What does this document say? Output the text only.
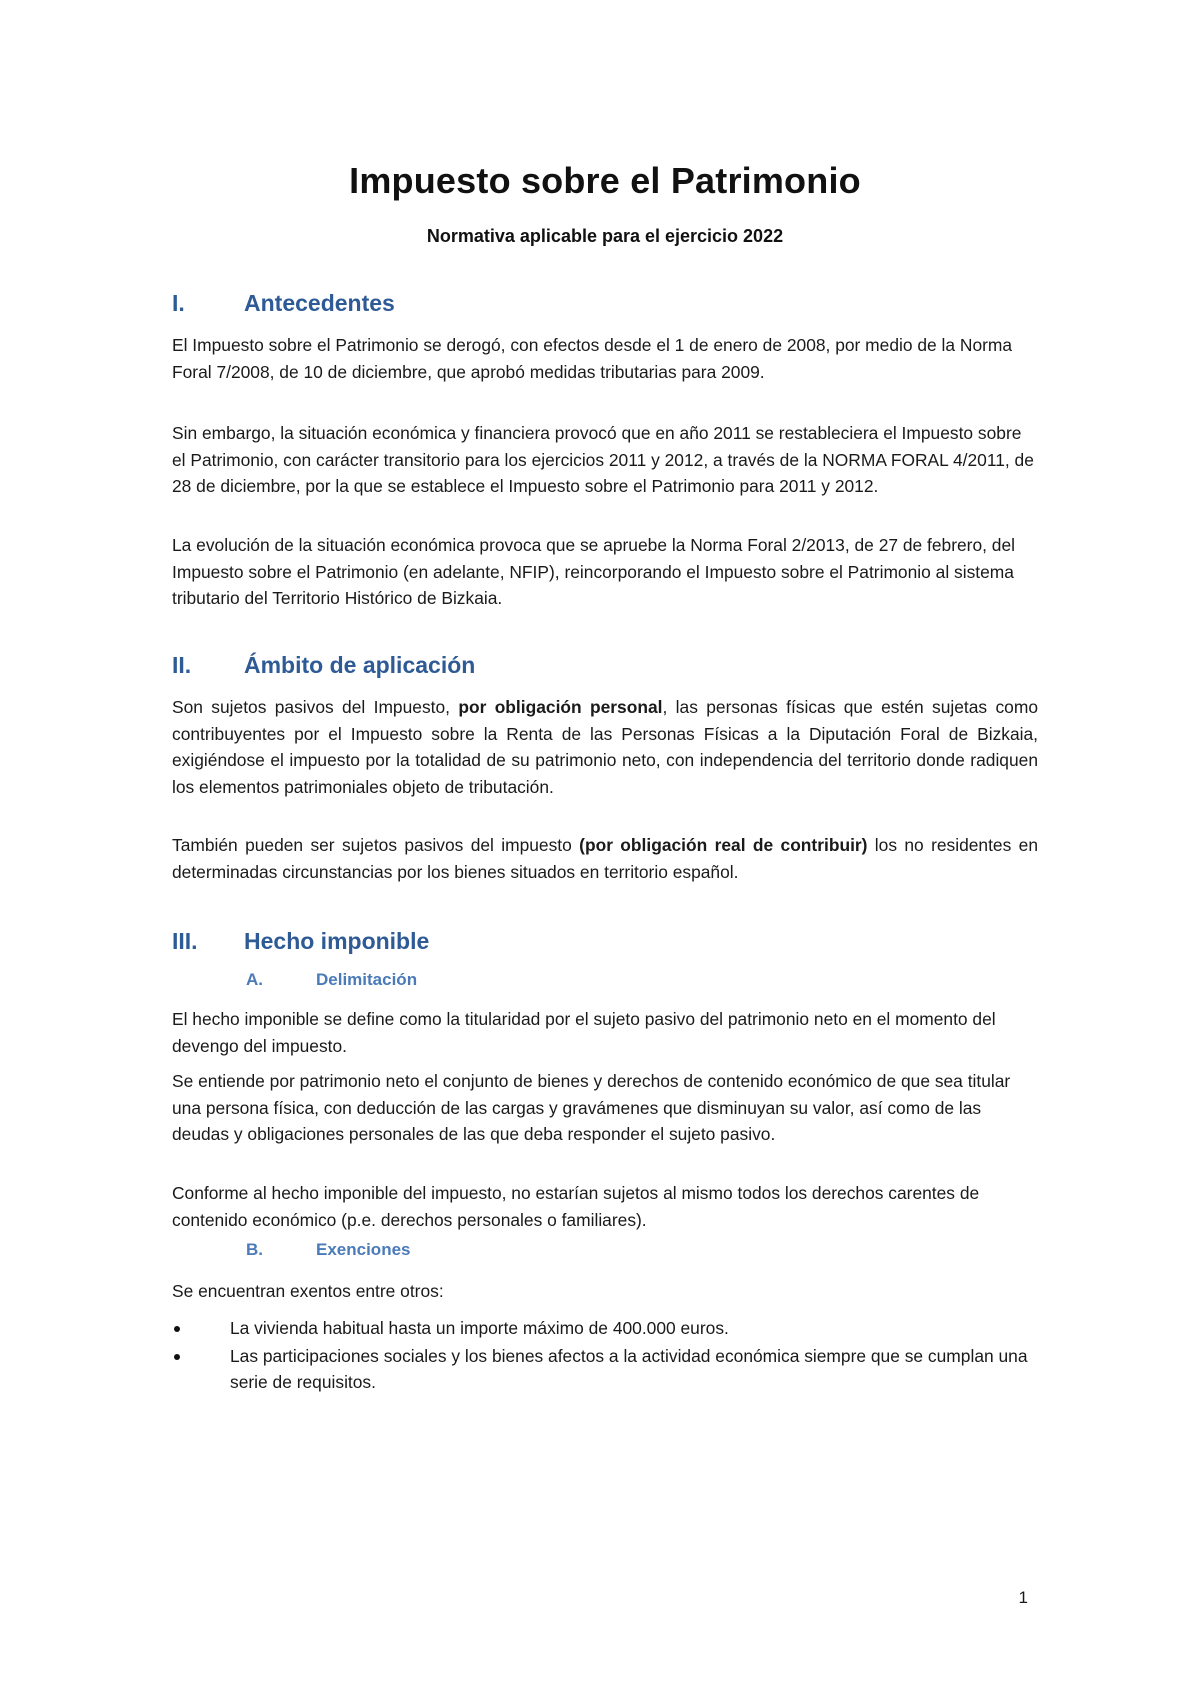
Impuesto sobre el Patrimonio
Normativa aplicable para el ejercicio 2022
I.	Antecedentes

El Impuesto sobre el Patrimonio se derogó, con efectos desde el 1 de enero de 2008, por medio de la Norma Foral 7/2008, de 10 de diciembre, que aprobó medidas tributarias para 2009.

Sin embargo, la situación económica y financiera provocó que en año 2011 se restableciera el Impuesto sobre el Patrimonio, con carácter transitorio para los ejercicios 2011 y 2012, a través de la NORMA FORAL 4/2011, de 28 de diciembre, por la que se establece el Impuesto sobre el Patrimonio para 2011 y 2012.

La evolución de la situación económica provoca que se apruebe la Norma Foral 2/2013, de 27 de febrero, del Impuesto sobre el Patrimonio (en adelante, NFIP), reincorporando el Impuesto sobre el Patrimonio al sistema tributario del Territorio Histórico de Bizkaia.

II. Ámbito de aplicación

Son sujetos pasivos del Impuesto, por obligación personal, las personas físicas que estén sujetas como contribuyentes por el Impuesto sobre la Renta de las Personas Físicas a la Diputación Foral de Bizkaia, exigiéndose el impuesto por la totalidad de su patrimonio neto, con independencia del territorio donde radiquen los elementos patrimoniales objeto de tributación.

También pueden ser sujetos pasivos del impuesto (por obligación real de contribuir) los no residentes en determinadas circunstancias por los bienes situados en territorio español.

III. Hecho imponible
A.	Delimitación

El hecho imponible se define como la titularidad por el sujeto pasivo del patrimonio neto en el momento del devengo del impuesto.

Se entiende por patrimonio neto el conjunto de bienes y derechos de contenido económico de que sea titular una persona física, con deducción de las cargas y gravámenes que disminuyan su valor, así como de las deudas y obligaciones personales de las que deba responder el sujeto pasivo.

Conforme al hecho imponible del impuesto, no estarían sujetos al mismo todos los derechos carentes de contenido económico (p.e. derechos personales o familiares).

B.	Exenciones

Se encuentran exentos entre otros:

La vivienda habitual hasta un importe máximo de 400.000 euros.
Las participaciones sociales y los bienes afectos a la actividad económica siempre que se cumplan una serie de requisitos.
1
